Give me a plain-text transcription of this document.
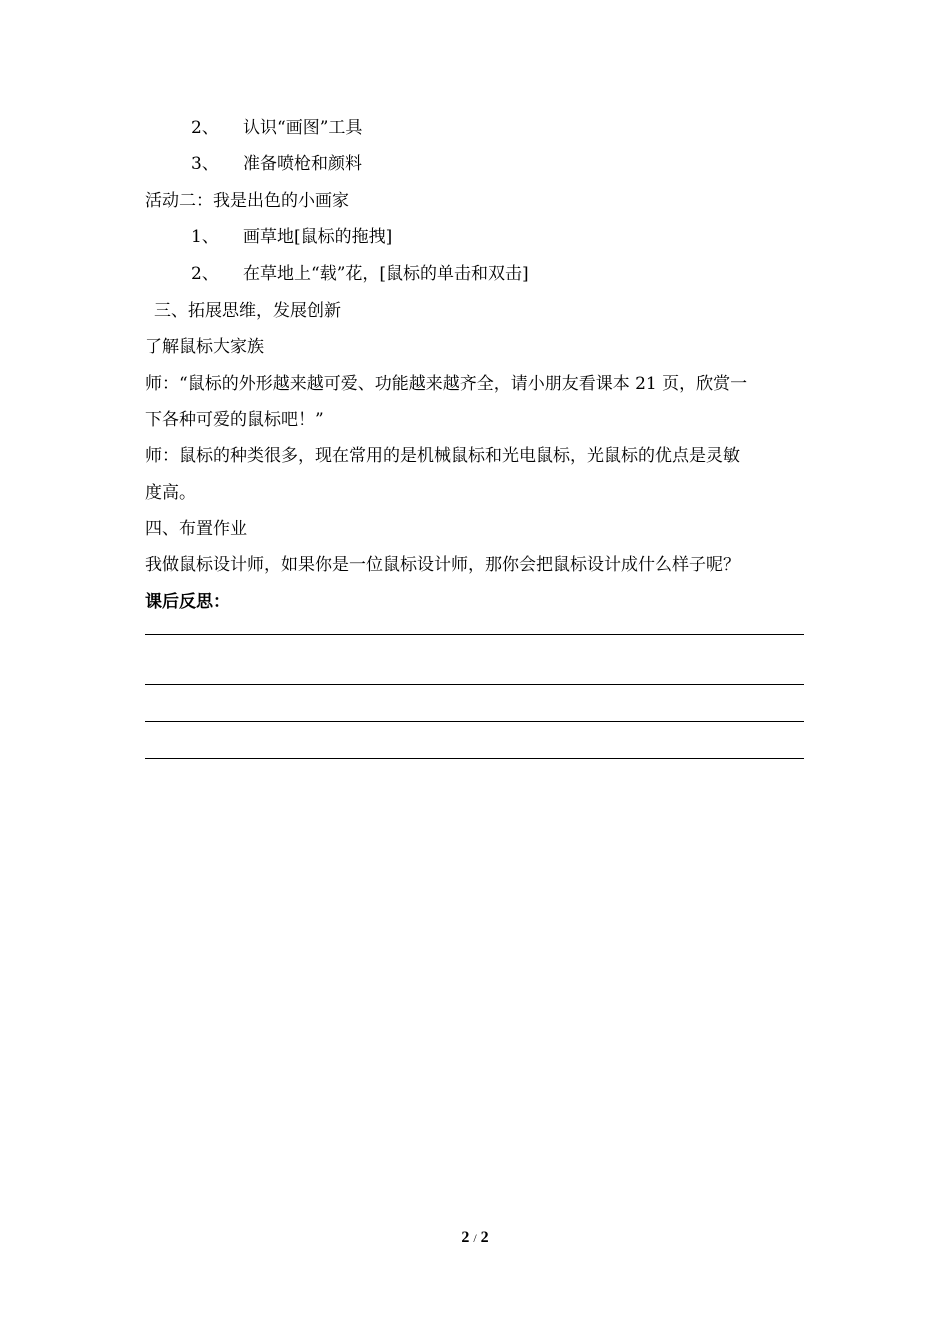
2、 认识“画图”工具
3、 准备喷枪和颜料
活动二：我是出色的小画家
1、 画草地[鼠标的拖拽]
2、 在草地上“载”花，[鼠标的单击和双击]
三、拓展思维，发展创新
了解鼠标大家族
师：“鼠标的外形越来越可爱、功能越来越齐全，请小朋友看课本 21 页，欣赏一
下各种可爱的鼠标吧！”
师：鼠标的种类很多，现在常用的是机械鼠标和光电鼠标，光鼠标的优点是灵敏
度高。
四、布置作业
我做鼠标设计师，如果你是一位鼠标设计师，那你会把鼠标设计成什么样子呢？
课后反思：
2 / 2
